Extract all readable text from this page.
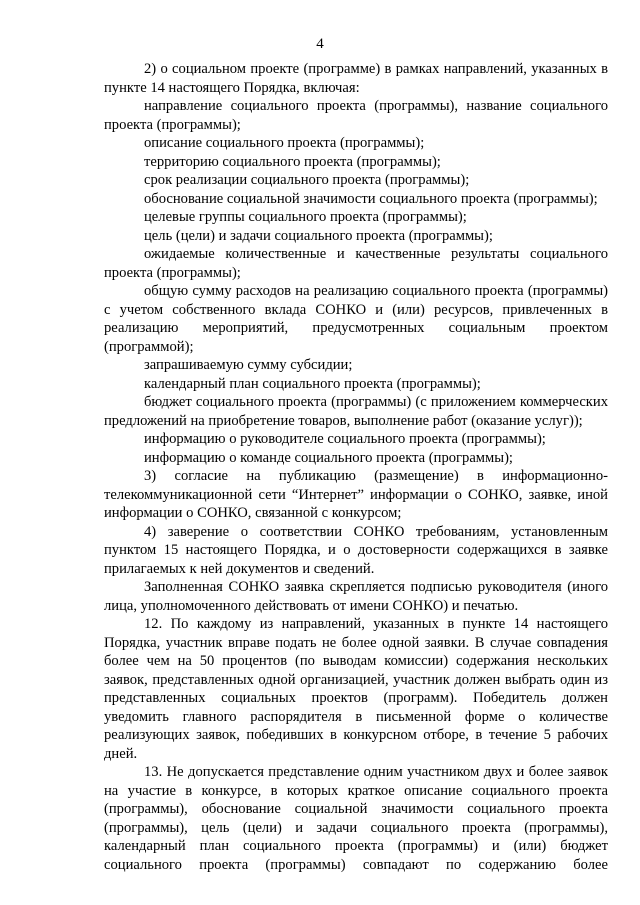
4

2) о социальном проекте (программе) в рамках направлений, указанных в пункте 14 настоящего Порядка, включая:

направление социального проекта (программы), название социального проекта (программы);

описание социального проекта (программы);

территорию социального проекта (программы);

срок реализации социального проекта (программы);

обоснование социальной значимости социального проекта (программы);

целевые группы социального проекта (программы);

цель (цели) и задачи социального проекта (программы);

ожидаемые количественные и качественные результаты социального проекта (программы);

общую сумму расходов на реализацию социального проекта (программы) с учетом собственного вклада СОНКО и (или) ресурсов, привлеченных в реализацию мероприятий, предусмотренных социальным проектом (программой);

запрашиваемую сумму субсидии;

календарный план социального проекта (программы);

бюджет социального проекта (программы) (с приложением коммерческих предложений на приобретение товаров, выполнение работ (оказание услуг));

информацию о руководителе социального проекта (программы);

информацию о команде социального проекта (программы);

3) согласие на публикацию (размещение) в информационно-телекоммуникационной сети “Интернет” информации о СОНКО, заявке, иной информации о СОНКО, связанной с конкурсом;

4) заверение о соответствии СОНКО требованиям, установленным пунктом 15 настоящего Порядка, и о достоверности содержащихся в заявке прилагаемых к ней документов и сведений.

Заполненная СОНКО заявка скрепляется подписью руководителя (иного лица, уполномоченного действовать от имени СОНКО) и печатью.

12. По каждому из направлений, указанных в пункте 14 настоящего Порядка, участник вправе подать не более одной заявки. В случае совпадения более чем на 50 процентов (по выводам комиссии) содержания нескольких заявок, представленных одной организацией, участник должен выбрать один из представленных социальных проектов (программ). Победитель должен уведомить главного распорядителя в письменной форме о количестве реализующих заявок, победивших в конкурсном отборе, в течение 5 рабочих дней.

13. Не допускается представление одним участником двух и более заявок на участие в конкурсе, в которых краткое описание социального проекта (программы), обоснование социальной значимости социального проекта (программы), цель (цели) и задачи социального проекта (программы), календарный план социального проекта (программы) и (или) бюджет социального проекта (программы) совпадают по содержанию более
